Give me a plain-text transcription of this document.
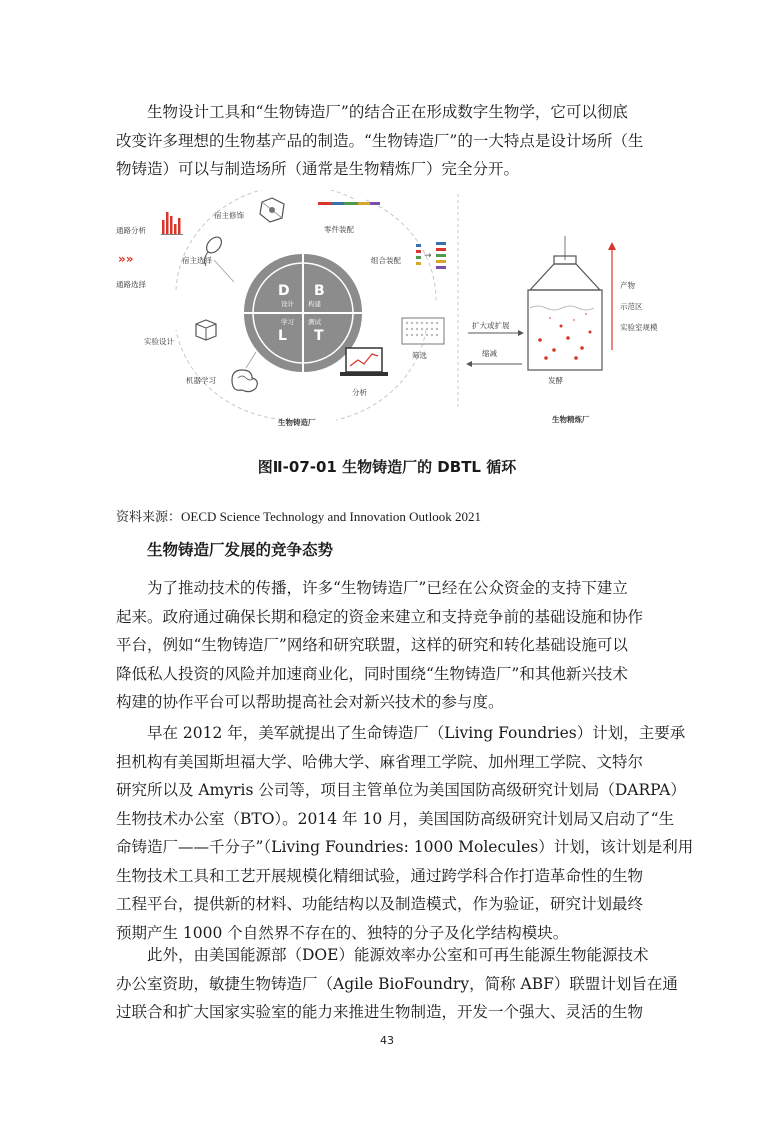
生物设计工具和“生物铸造厂”的结合正在形成数字生物学，它可以彻底
改变许多理想的生物基产品的制造。“生物铸造厂”的一大特点是设计场所（生
物铸造）可以与制造场所（通常是生物精炼厂）完全分开。

D B
L T
设计 构建
学习 测试
通路分析
宿主修饰
零件装配
»»	宿主选择	组合装配	→
通路选择
实验设计
筛选
机器学习
分析
生物铸造厂
发酵
扩大或扩展
缩减
产物
示范区
实验室规模
生物精炼厂
图Ⅱ-07-01 生物铸造厂的 DBTL 循环
资料来源：OECD Science Technology and Innovation Outlook 2021
生物铸造厂发展的竞争态势

为了推动技术的传播，许多“生物铸造厂”已经在公众资金的支持下建立
起来。政府通过确保长期和稳定的资金来建立和支持竞争前的基础设施和协作
平台，例如“生物铸造厂”网络和研究联盟，这样的研究和转化基础设施可以
降低私人投资的风险并加速商业化，同时围绕“生物铸造厂”和其他新兴技术
构建的协作平台可以帮助提高社会对新兴技术的参与度。

早在 2012 年，美军就提出了生命铸造厂（Living Foundries）计划，主要承
担机构有美国斯坦福大学、哈佛大学、麻省理工学院、加州理工学院、文特尔
研究所以及 Amyris 公司等，项目主管单位为美国国防高级研究计划局（DARPA）
生物技术办公室（BTO）。2014 年 10 月，美国国防高级研究计划局又启动了“生
命铸造厂——千分子”（Living Foundries: 1000 Molecules）计划，该计划是利用
生物技术工具和工艺开展规模化精细试验，通过跨学科合作打造革命性的生物
工程平台，提供新的材料、功能结构以及制造模式，作为验证，研究计划最终
预期产生 1000 个自然界不存在的、独特的分子及化学结构模块。

此外，由美国能源部（DOE）能源效率办公室和可再生能源生物能源技术
办公室资助，敏捷生物铸造厂（Agile BioFoundry，简称 ABF）联盟计划旨在通
过联合和扩大国家实验室的能力来推进生物制造，开发一个强大、灵活的生物

43
